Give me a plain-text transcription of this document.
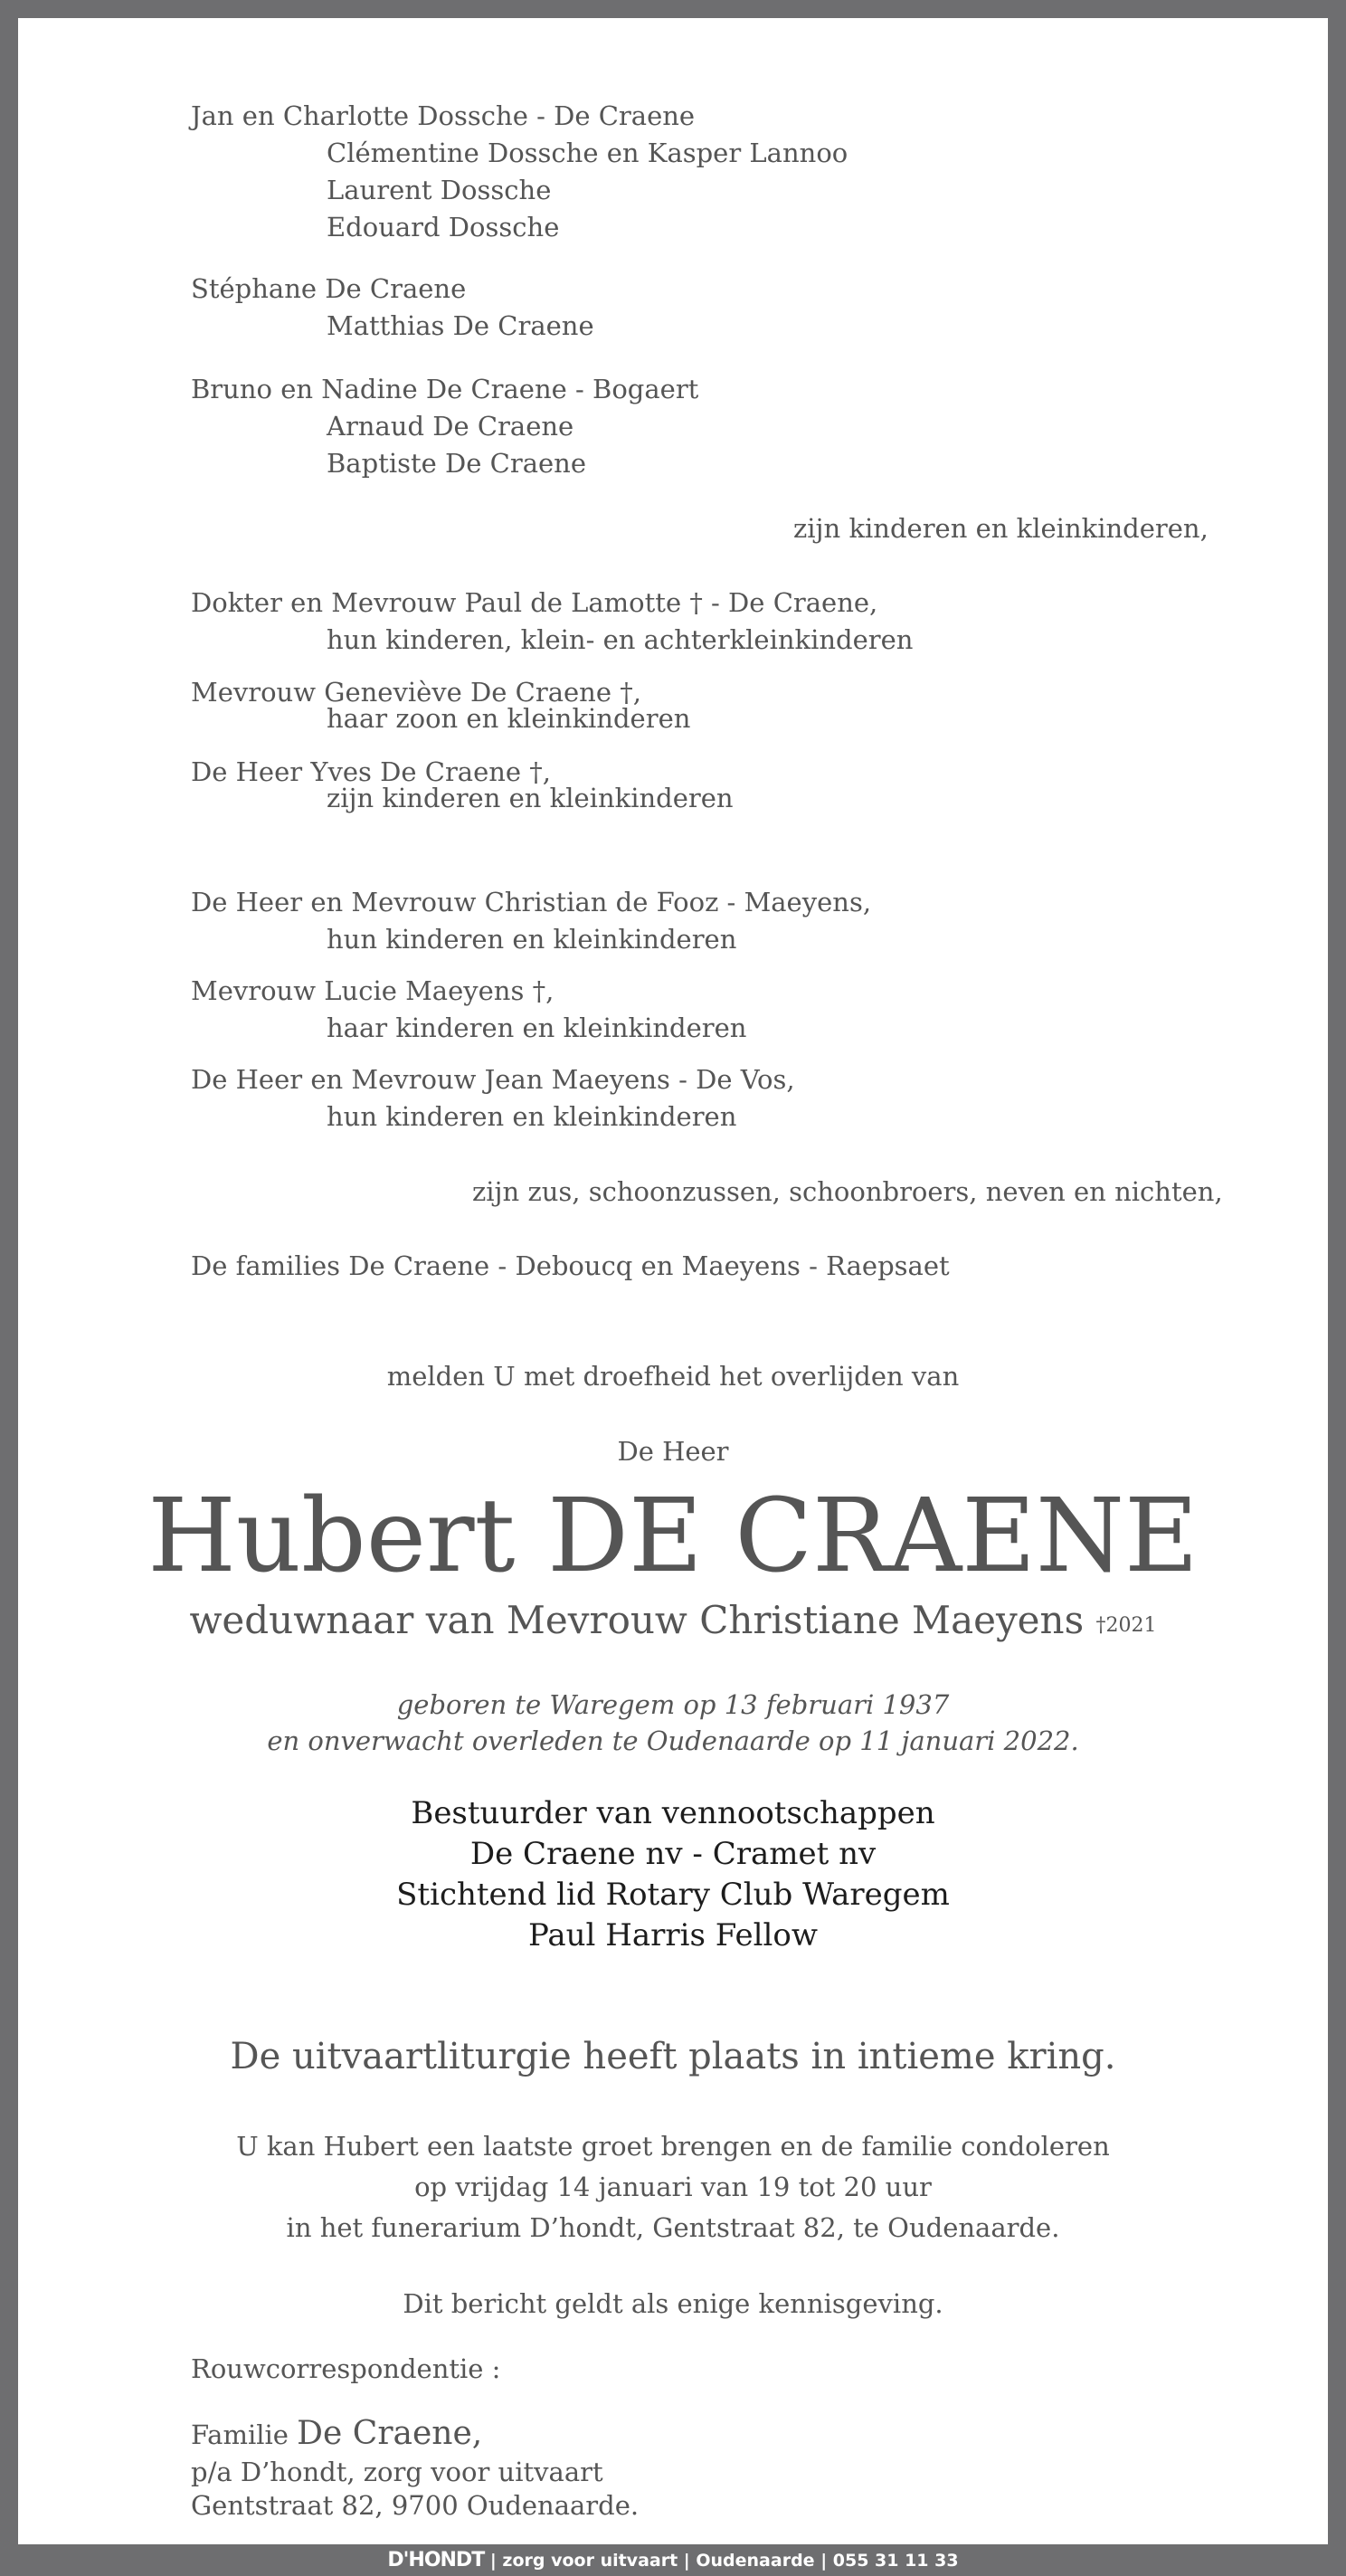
Jan en Charlotte Dossche - De Craene
Clémentine Dossche en Kasper Lannoo
Laurent Dossche
Edouard Dossche
Stéphane De Craene
Matthias De Craene
Bruno en Nadine De Craene - Bogaert
Arnaud De Craene
Baptiste De Craene
zijn kinderen en kleinkinderen,
Dokter en Mevrouw Paul de Lamotte † - De Craene,
hun kinderen, klein- en achterkleinkinderen
Mevrouw Geneviève De Craene †,
haar zoon en kleinkinderen
De Heer Yves De Craene †,
zijn kinderen en kleinkinderen
De Heer en Mevrouw Christian de Fooz - Maeyens,
hun kinderen en kleinkinderen
Mevrouw Lucie Maeyens †,
haar kinderen en kleinkinderen
De Heer en Mevrouw Jean Maeyens - De Vos,
hun kinderen en kleinkinderen
zijn zus, schoonzussen, schoonbroers, neven en nichten,
De families De Craene - Deboucq en Maeyens - Raepsaet
melden U met droefheid het overlijden van
De Heer
Hubert DE CRAENE
weduwnaar van Mevrouw Christiane Maeyens †2021
geboren te Waregem op 13 februari 1937
en onverwacht overleden te Oudenaarde op 11 januari 2022.
Bestuurder van vennootschappen
De Craene nv - Cramet nv
Stichtend lid Rotary Club Waregem
Paul Harris Fellow
De uitvaartliturgie heeft plaats in intieme kring.
U kan Hubert een laatste groet brengen en de familie condoleren
op vrijdag 14 januari van 19 tot 20 uur
in het funerarium D’hondt, Gentstraat 82, te Oudenaarde.
Dit bericht geldt als enige kennisgeving.
Rouwcorrespondentie :
Familie De Craene,
p/a D’hondt, zorg voor uitvaart
Gentstraat 82, 9700 Oudenaarde.
D'HONDT | zorg voor uitvaart | Oudenaarde | 055 31 11 33
